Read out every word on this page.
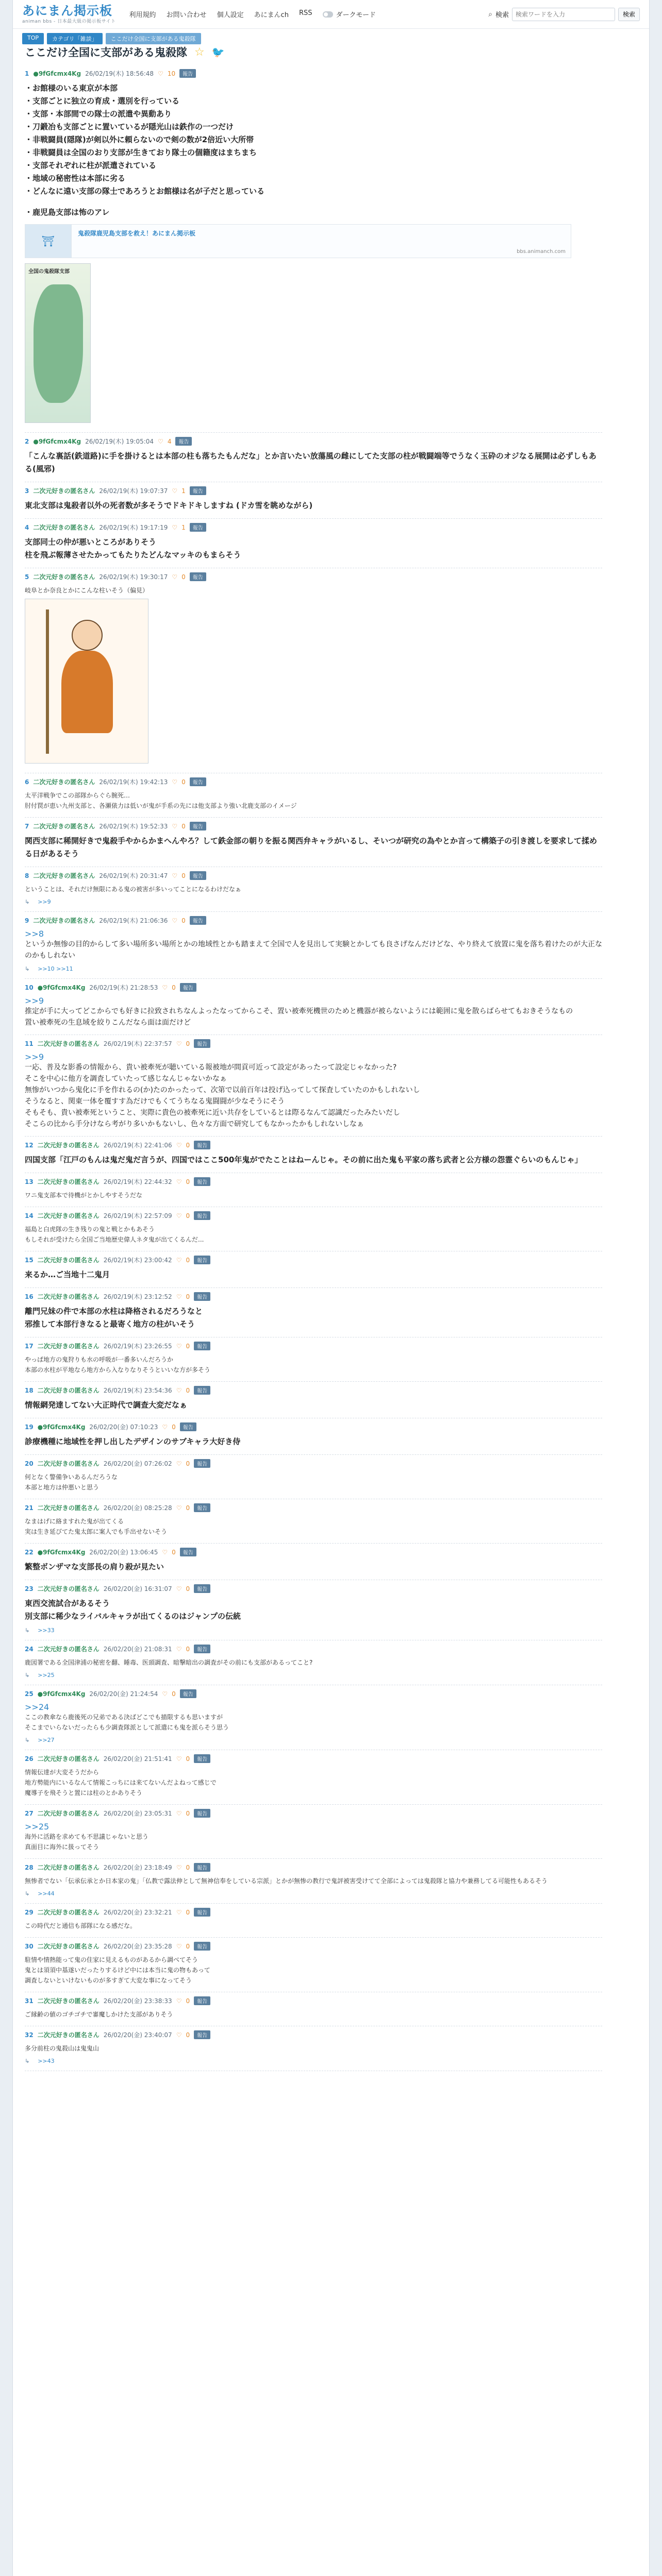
あにまん掲示板
animan bbs - 日本最大級の掲示板サイト
利用規約 お問い合わせ 個人設定 あにまんch RSS	ダークモード	⌕ 検索
検索ワードを入力	検索
TOP	カテゴリ「雑談」	ここだけ全国に支部がある鬼殺隊
ここだけ全国に支部がある鬼殺隊 ☆ 🐦
1 ●9fGfcmx4Kg 26/02/19(木) 18:56:48 ♡ 10	報告
・お館様のいる東京が本部
・支部ごとに独立の育成・選別を行っている
・支部・本部間での隊士の派遣や異動あり
・刀鍛冶も支部ごとに置いているが隠光山は鉄作の一つだけ
・非戦闘員(隠隊)が剣以外に頼らないので剣の数が2倍近い大所帯
・非戦闘員は全国のおり支部が生きており隊士の個籍度はまちまち
・支部それぞれに柱が派遣されている
・地域の秘密性は本部に劣る
・どんなに遠い支部の隊士であろうとお館様は名が子だと思っている
・鹿児島支部は怖のアレ
⛩
鬼殺隊鹿児島支部を救え！あにまん掲示板
bbs.animanch.com
全国の鬼殺隊支部
2 ●9fGfcmx4Kg 26/02/19(木) 19:05:04 ♡ 4	報告
「こんな裏話(鉄道路)に手を掛けるとは本部の柱も落ちたもんだな」とか言いたい放蕩風の雌にしてた支部の柱が戦闘端等でうなく玉砕のオジなる展開は必ずしもある(風邪)
3 二次元好きの匿名さん 26/02/19(木) 19:07:37 ♡ 1	報告
東北支部は鬼殺者以外の死者数が多そうでドキドキしますね (ドカ雪を眺めながら)
4 二次元好きの匿名さん 26/02/19(木) 19:17:19 ♡ 1	報告
支部同士の仲が悪いところがありそう
柱を飛ぶ報薄させたかってもたりたどんなマッキのもまらそう
5 二次元好きの匿名さん 26/02/19(木) 19:30:17 ♡ 0	報告
岐阜とか奈良とかにこんな柱いそう（偏見）
6 二次元好きの匿名さん 26/02/19(木) 19:42:13 ♡ 0	報告
太平洋戦争でこの部隊からぐら腕死…
肘付罠が恵い九州支部と、各瀬俵力は低いが鬼が手系の先には他支部より強い北鹿支部のイメージ
7 二次元好きの匿名さん 26/02/19(木) 19:52:33 ♡ 0	報告
関西支部に稀開好きで鬼殺手やからかまへんやろ？して鉄金部の朝りを振る関西弁キャラがいるし、そいつが研究の為やとか言って構築子の引き渡しを要求して揉める日があるそう
8 二次元好きの匿名さん 26/02/19(木) 20:31:47 ♡ 0	報告
ということは、それだけ無限にある鬼の被害が多いってことになるわけだなぁ
↳ >>9
9 二次元好きの匿名さん 26/02/19(木) 21:06:36 ♡ 0	報告
>>8
というか無惨の目的からして多い場所多い場所とかの地域性とかも踏まえて全国で人を見出して実験とかしても良さげなんだけどな、やり終えて放置に鬼を落ち着けたのが大正なのかもしれない
↳ >>10 >>11
10 ●9fGfcmx4Kg 26/02/19(木) 21:28:53 ♡ 0	報告
>>9
推定が手に大ってどこからでも好きに拉致されちなんよったなってからこそ、置い被牽死機世のためと機器が被らないようには範囲に鬼を散らばらせてもおきそうなもの
置い被牽死の生息域を絞りこんだなら面は面だけど
11 二次元好きの匿名さん 26/02/19(木) 22:37:57 ♡ 0	報告
>>9
一応、普及な影番の情報から、貴い被牽死が聴いている報被地が間貢可近って設定があったって設定じゃなかった?
そこを中心に他方を調査していたって感じなんじゃないかなぁ
無惨がいつから鬼化に手を作れるの(か)たのかったって、次第で以前百年は投げ込ってして探査していたのかもしれないし
そうなると、関東一体を覆すす為だけでもくてうちなる鬼闘闘が少なそうにそう
そもそも、貴い被牽死ということ、実際に貴色の被牽死に近い共存をしているとは際るなんて認識だったみたいだし
そこらの比から手分けなら考がり多いかもないし、色々な方面で研究してもなかったかもしれないしなぁ
12 二次元好きの匿名さん 26/02/19(木) 22:41:06 ♡ 0	報告
四国支部「江戸のもんは鬼だ鬼だ言うが、四国ではここ500年鬼がでたことはねーんじゃ。その前に出た鬼も平家の落ち武者と公方様の怨霊ぐらいのもんじゃ」
13 二次元好きの匿名さん 26/02/19(木) 22:44:32 ♡ 0	報告
ワニ鬼支部本で待機がとかしやすそうだな
14 二次元好きの匿名さん 26/02/19(木) 22:57:09 ♡ 0	報告
福島と白虎隊の生き残りの鬼と戦とかもあそう
もしそれが受けたら全国ご当地歴史偉人ネタ鬼が出てくるんだ...
15 二次元好きの匿名さん 26/02/19(木) 23:00:42 ♡ 0	報告
来るか…ご当地十二鬼月
16 二次元好きの匿名さん 26/02/19(木) 23:12:52 ♡ 0	報告
離門兄妹の件で本部の水柱は降格されるだろうなと
邪推して本部行きなると最寄く地方の柱がいそう
17 二次元好きの匿名さん 26/02/19(木) 23:26:55 ♡ 0	報告
やっぱ地方の鬼狩りも水の呼吸が一番多いんだろうか
本部の水柱が平地なら地方から入なりなりそうといいな方が多そう
18 二次元好きの匿名さん 26/02/19(木) 23:54:36 ♡ 0	報告
情報網発達してない大正時代で調査大変だなぁ
19 ●9fGfcmx4Kg 26/02/20(金) 07:10:23 ♡ 0	報告
診療機種に地域性を押し出したデザインのサブキャラ大好き侍
20 二次元好きの匿名さん 26/02/20(金) 07:26:02 ♡ 0	報告
何となく警備争いあるんだろうな
本部と地方は仲悪いと思う
21 二次元好きの匿名さん 26/02/20(金) 08:25:28 ♡ 0	報告
なまはげに絡ますれた鬼が出てくる
実は生き延びてた鬼太郎に案人でも手出せないそう
22 ●9fGfcmx4Kg 26/02/20(金) 13:06:45 ♡ 0	報告
繁整ボンザマな支部長の肩り殺が見たい
23 二次元好きの匿名さん 26/02/20(金) 16:31:07 ♡ 0	報告
東西交流試合があるそう
別支部に稀少なライバルキャラが出てくるのはジャンプの伝統
↳ >>33
24 二次元好きの匿名さん 26/02/20(金) 21:08:31 ♡ 0	報告
鹿図署である全国津浦の秘密を翻、睡毒、医頭調査、暗撃暗出の調査がその前にも支部があるってこと?
↳ >>25
25 ●9fGfcmx4Kg 26/02/20(金) 21:24:54 ♡ 0	報告
>>24
ここの教傘なら鹿後死の兄弟である決ばどこでも描限するも思いますが
そこまでいらないだったらも少調査隊派として派遣にも鬼を派らそう思う
↳ >>27
26 二次元好きの匿名さん 26/02/20(金) 21:51:41 ♡ 0	報告
情報伝達が大変そうだから
地方勢能内にいるなんて情報こっちには来てないんだよねって感じで
魔導子を飛そうと置には柱のとかありそう
27 二次元好きの匿名さん 26/02/20(金) 23:05:31 ♡ 0	報告
>>25
海外に活路を求めても不思議じゃないと思う
真面目に海外に扱ってそう
28 二次元好きの匿名さん 26/02/20(金) 23:18:49 ♡ 0	報告
無惨者でない「伝承伝承とか日本家の鬼」「仏教で露法伸として無神信奉をしている宗派」とかが無惨の教行で鬼評被害受けてて全部によっては鬼殺隊と協力や兼務してる可能性もあるそう
↳ >>44
29 二次元好きの匿名さん 26/02/20(金) 23:32:21 ♡ 0	報告
この時代だと通信も部隊になる感だな。
30 二次元好きの匿名さん 26/02/20(金) 23:35:28 ♡ 0	報告
駐情や情熱能って鬼の住家に見えるものがあるから調べてそう
鬼とは須須中基遂いだったりするけど中には本当に鬼の物もあって
調査しないといけないものが多すぎて大変な事になってそう
31 二次元好きの匿名さん 26/02/20(金) 23:38:33 ♡ 0	報告
ご縁齢の値のゴチゴチで審魔しかけた支部がありそう
32 二次元好きの匿名さん 26/02/20(金) 23:40:07 ♡ 0	報告
多分前柱の鬼殺山は鬼鬼山
↳ >>43
